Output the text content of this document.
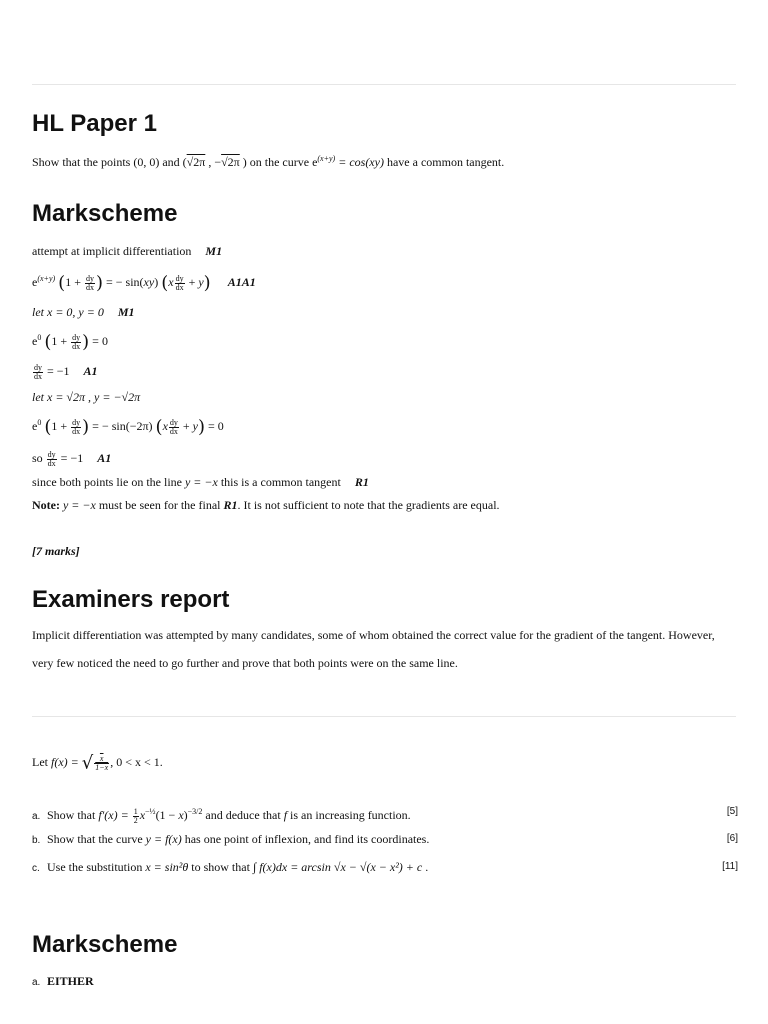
HL Paper 1
Show that the points (0, 0) and (√2π , −√2π ) on the curve $e^{(x+y)} = \cos(xy)$ have a common tangent.
Markscheme
attempt at implicit differentiation M1
$e^{(x+y)}$ ($1 + \frac{dy}{dx}$ ) = − sin(xy) $(x \frac{dy}{dx} + y)$ A1A1
let x = 0, y = 0 M1
$e^0$ ($1 + \frac{dy}{dx}$ ) = 0
$\frac{dy}{dx} = -1$ A1
let x = √2π , y = −√2π
$e^0$ ($1 + \frac{dy}{dx}$ ) = − sin(−2π) $(x \frac{dy}{dx} + y) = 0$
so $\frac{dy}{dx} = -1$ A1
since both points lie on the line y = −x this is a common tangent R1
Note: y = −x must be seen for the final R1. It is not sufficient to note that the gradients are equal.
[7 marks]
Examiners report
Implicit differentiation was attempted by many candidates, some of whom obtained the correct value for the gradient of the tangent. However, very few noticed the need to go further and prove that both points were on the same line.
Let f(x) = √ $\frac{x}{1-x}$ , 0 < x < 1.
a. Show that $f'(x) = \frac{1}{2} x^{-\frac{1}{2}}(1 - x)^{-3/2}$ and deduce that f is an increasing function.	[5]
b. Show that the curve y = f(x) has one point of inflexion, and find its coordinates.	[6]
c. Use the substitution x = sin²θ to show that ∫ f(x)dx = arcsin √x − √(x − x²) + c .	[11]
Markscheme
a. EITHER
